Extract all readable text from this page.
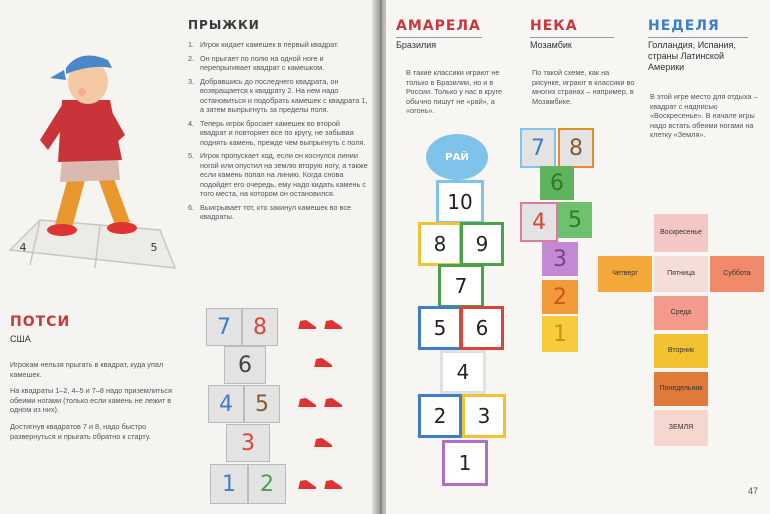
4	5
ПРЫЖКИ
1. Игрок кидает камешек в первый квадрат.
2. Он прыгает по полю на одной ноге и перепрыгивает квадрат с камешком.
3. Добравшись до последнего квадрата, он возвращается к квадрату 2. На нем надо остановиться и подобрать камешек с квадрата 1, а затем выпрыгнуть за пределы поля.
4. Теперь игрок бросает камешек во второй квадрат и повторяет все по кругу, не забывая поднять камень, прежде чем выпрыгнуть с поля.
5. Игрок пропускает ход, если он коснулся линии ногой или опустил на землю вторую ногу, а также если камень попал на линию. Когда снова подойдет его очередь, ему надо кидать камень с того места, на котором он остановился.
6. Выигрывает тот, кто закинул камешек во все квадраты.
ПОТСИ
США
Игрокам нельзя прыгать в квадрат, куда упал камешек.
На квадраты 1–2, 4–5 и 7–8 надо приземлиться обеими ногами (только если камень не лежит в одном из них).
Достигнув квадратов 7 и 8, надо быстро развернуться и прыгать обратно к старту.
7	8
6
4	5
3
1	2
АМАРЕЛА
Бразилия
В такие классики играют не только в Бразилии, но и в России. Только у нас в круге обычно пишут не «рай», а «огонь».
НЕКА
Мозамбик
По такой схеме, как на рисунке, играют в классики во многих странах – например, в Мозамбике.
НЕДЕЛЯ
Голландия, Испания, страны Латинской Америки
В этой игре место для отдыха – квадрат с надписью «Воскресенье». В начале игры надо встать обеими ногами на клетку «Земля».
РАЙ
10
8	9
7
5	6
4
2	3
1
7	8
6
4	5
3
2
1
Воскресенье
Четверг	Пятница	Суббота
Среда
Вторник
Понедельник
ЗЕМЛЯ
47
